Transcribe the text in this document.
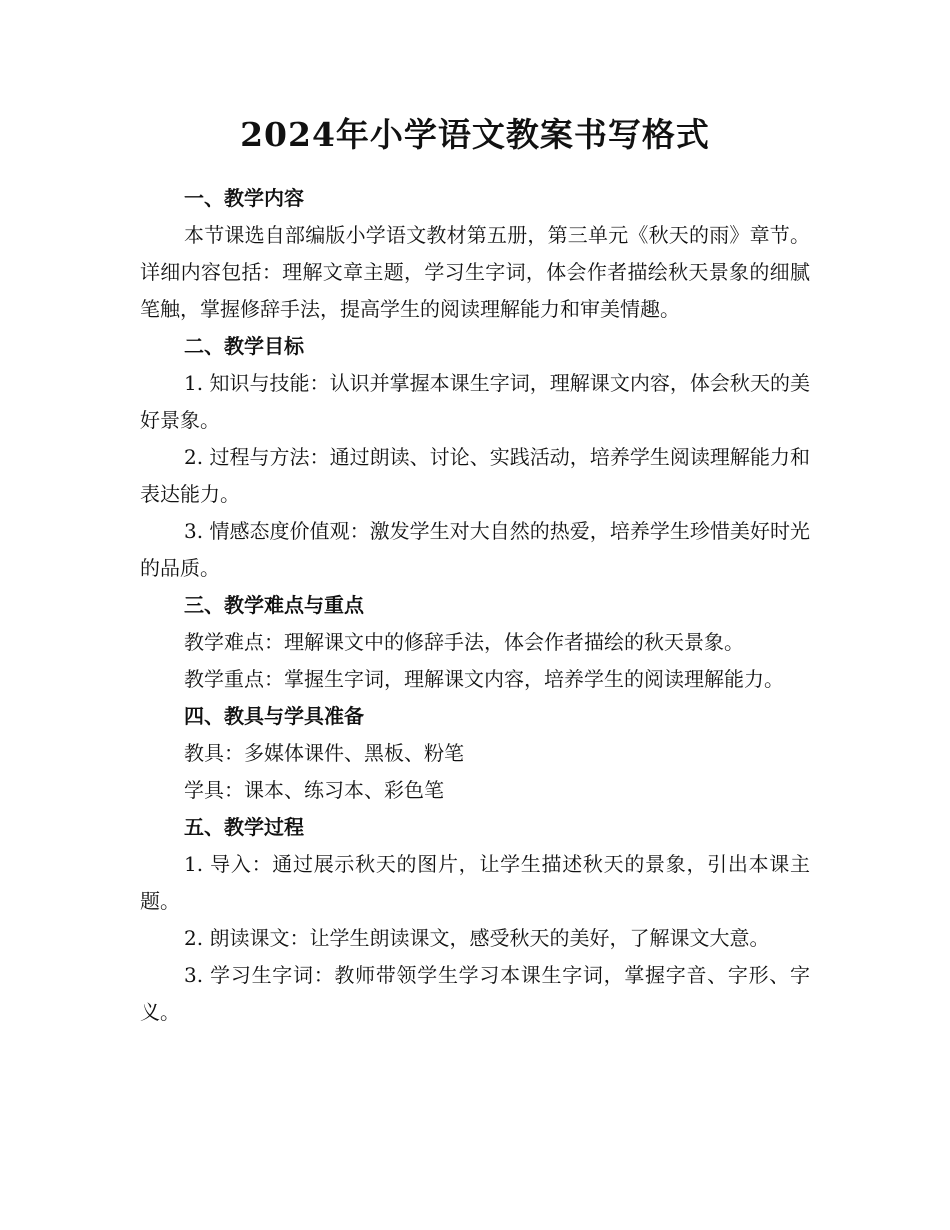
2024年小学语文教案书写格式

一、教学内容

本节课选自部编版小学语文教材第五册，第三单元《秋天的雨》章节。详细内容包括：理解文章主题，学习生字词，体会作者描绘秋天景象的细腻笔触，掌握修辞手法，提高学生的阅读理解能力和审美情趣。

二、教学目标

1. 知识与技能：认识并掌握本课生字词，理解课文内容，体会秋天的美好景象。

2. 过程与方法：通过朗读、讨论、实践活动，培养学生阅读理解能力和表达能力。

3. 情感态度价值观：激发学生对大自然的热爱，培养学生珍惜美好时光的品质。

三、教学难点与重点

教学难点：理解课文中的修辞手法，体会作者描绘的秋天景象。

教学重点：掌握生字词，理解课文内容，培养学生的阅读理解能力。

四、教具与学具准备

教具：多媒体课件、黑板、粉笔

学具：课本、练习本、彩色笔

五、教学过程

1. 导入：通过展示秋天的图片，让学生描述秋天的景象，引出本课主题。

2. 朗读课文：让学生朗读课文，感受秋天的美好，了解课文大意。

3. 学习生字词：教师带领学生学习本课生字词，掌握字音、字形、字义。
